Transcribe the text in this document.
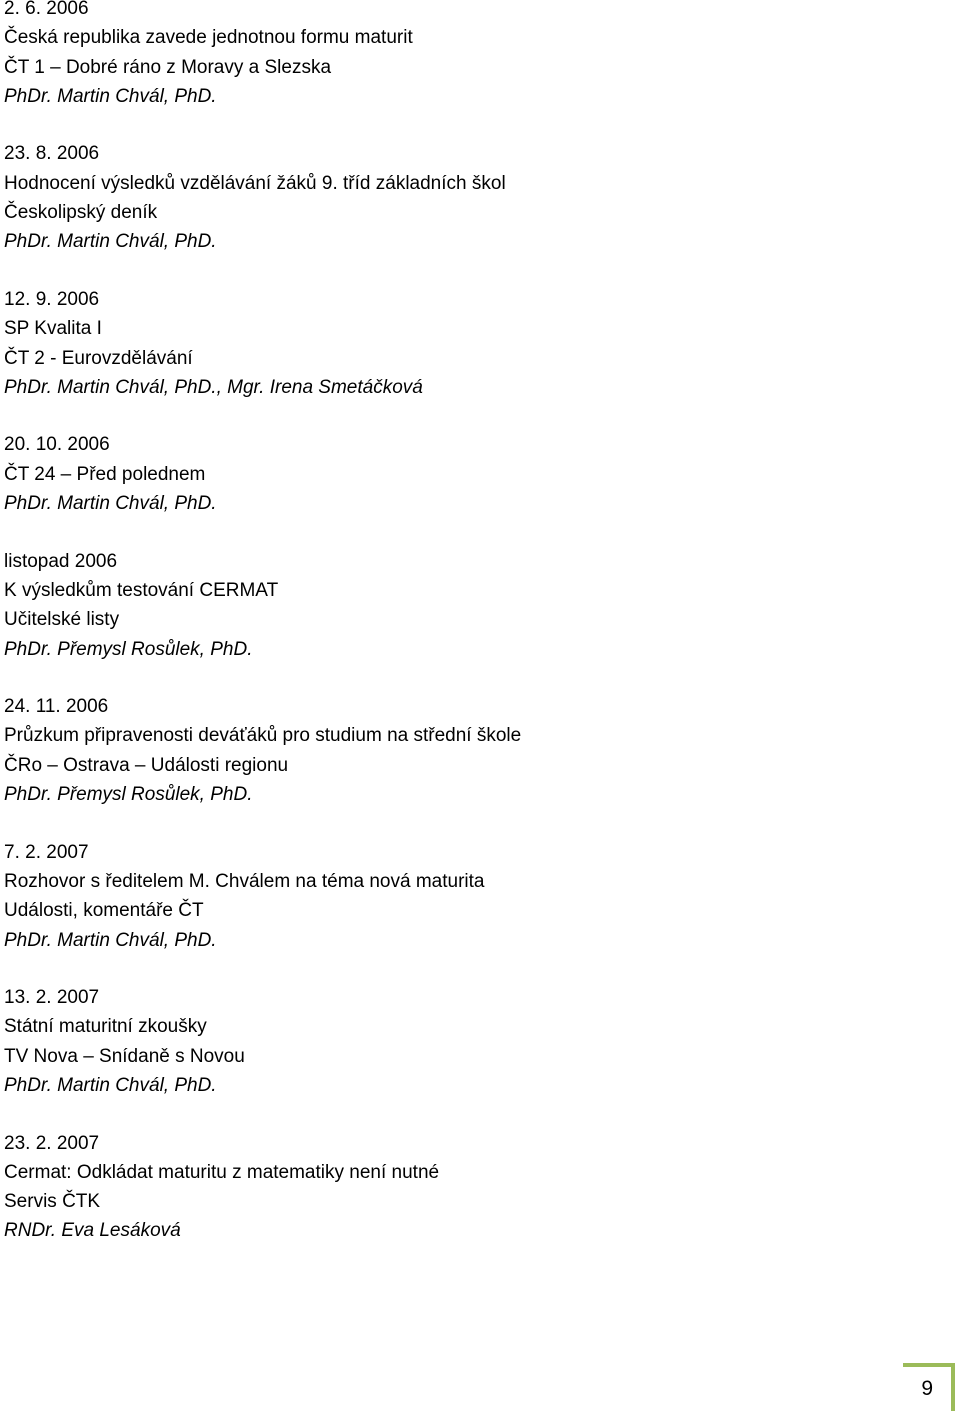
2. 6. 2006
Česká republika zavede jednotnou formu maturit
ČT 1 – Dobré ráno z Moravy a Slezska
PhDr. Martin Chvál, PhD.
23. 8. 2006
Hodnocení výsledků vzdělávání žáků 9. tříd základních škol
Českolipský deník
PhDr. Martin Chvál, PhD.
12. 9. 2006
SP Kvalita I
ČT 2 - Eurovzdělávání
PhDr. Martin Chvál, PhD., Mgr. Irena Smetáčková
20. 10. 2006
ČT 24 – Před polednem
PhDr. Martin Chvál, PhD.
listopad 2006
K výsledkům testování CERMAT
Učitelské listy
PhDr. Přemysl Rosůlek, PhD.
24. 11. 2006
Průzkum připravenosti deváťáků pro studium na střední škole
ČRo – Ostrava – Události regionu
PhDr. Přemysl Rosůlek, PhD.
7. 2. 2007
Rozhovor s ředitelem M. Chválem na téma nová maturita
Události, komentáře ČT
PhDr. Martin Chvál, PhD.
13. 2. 2007
Státní maturitní zkoušky
TV Nova – Snídaně s Novou
PhDr. Martin Chvál, PhD.
23. 2. 2007
Cermat: Odkládat maturitu z matematiky není nutné
Servis ČTK
RNDr. Eva Lesáková
9
